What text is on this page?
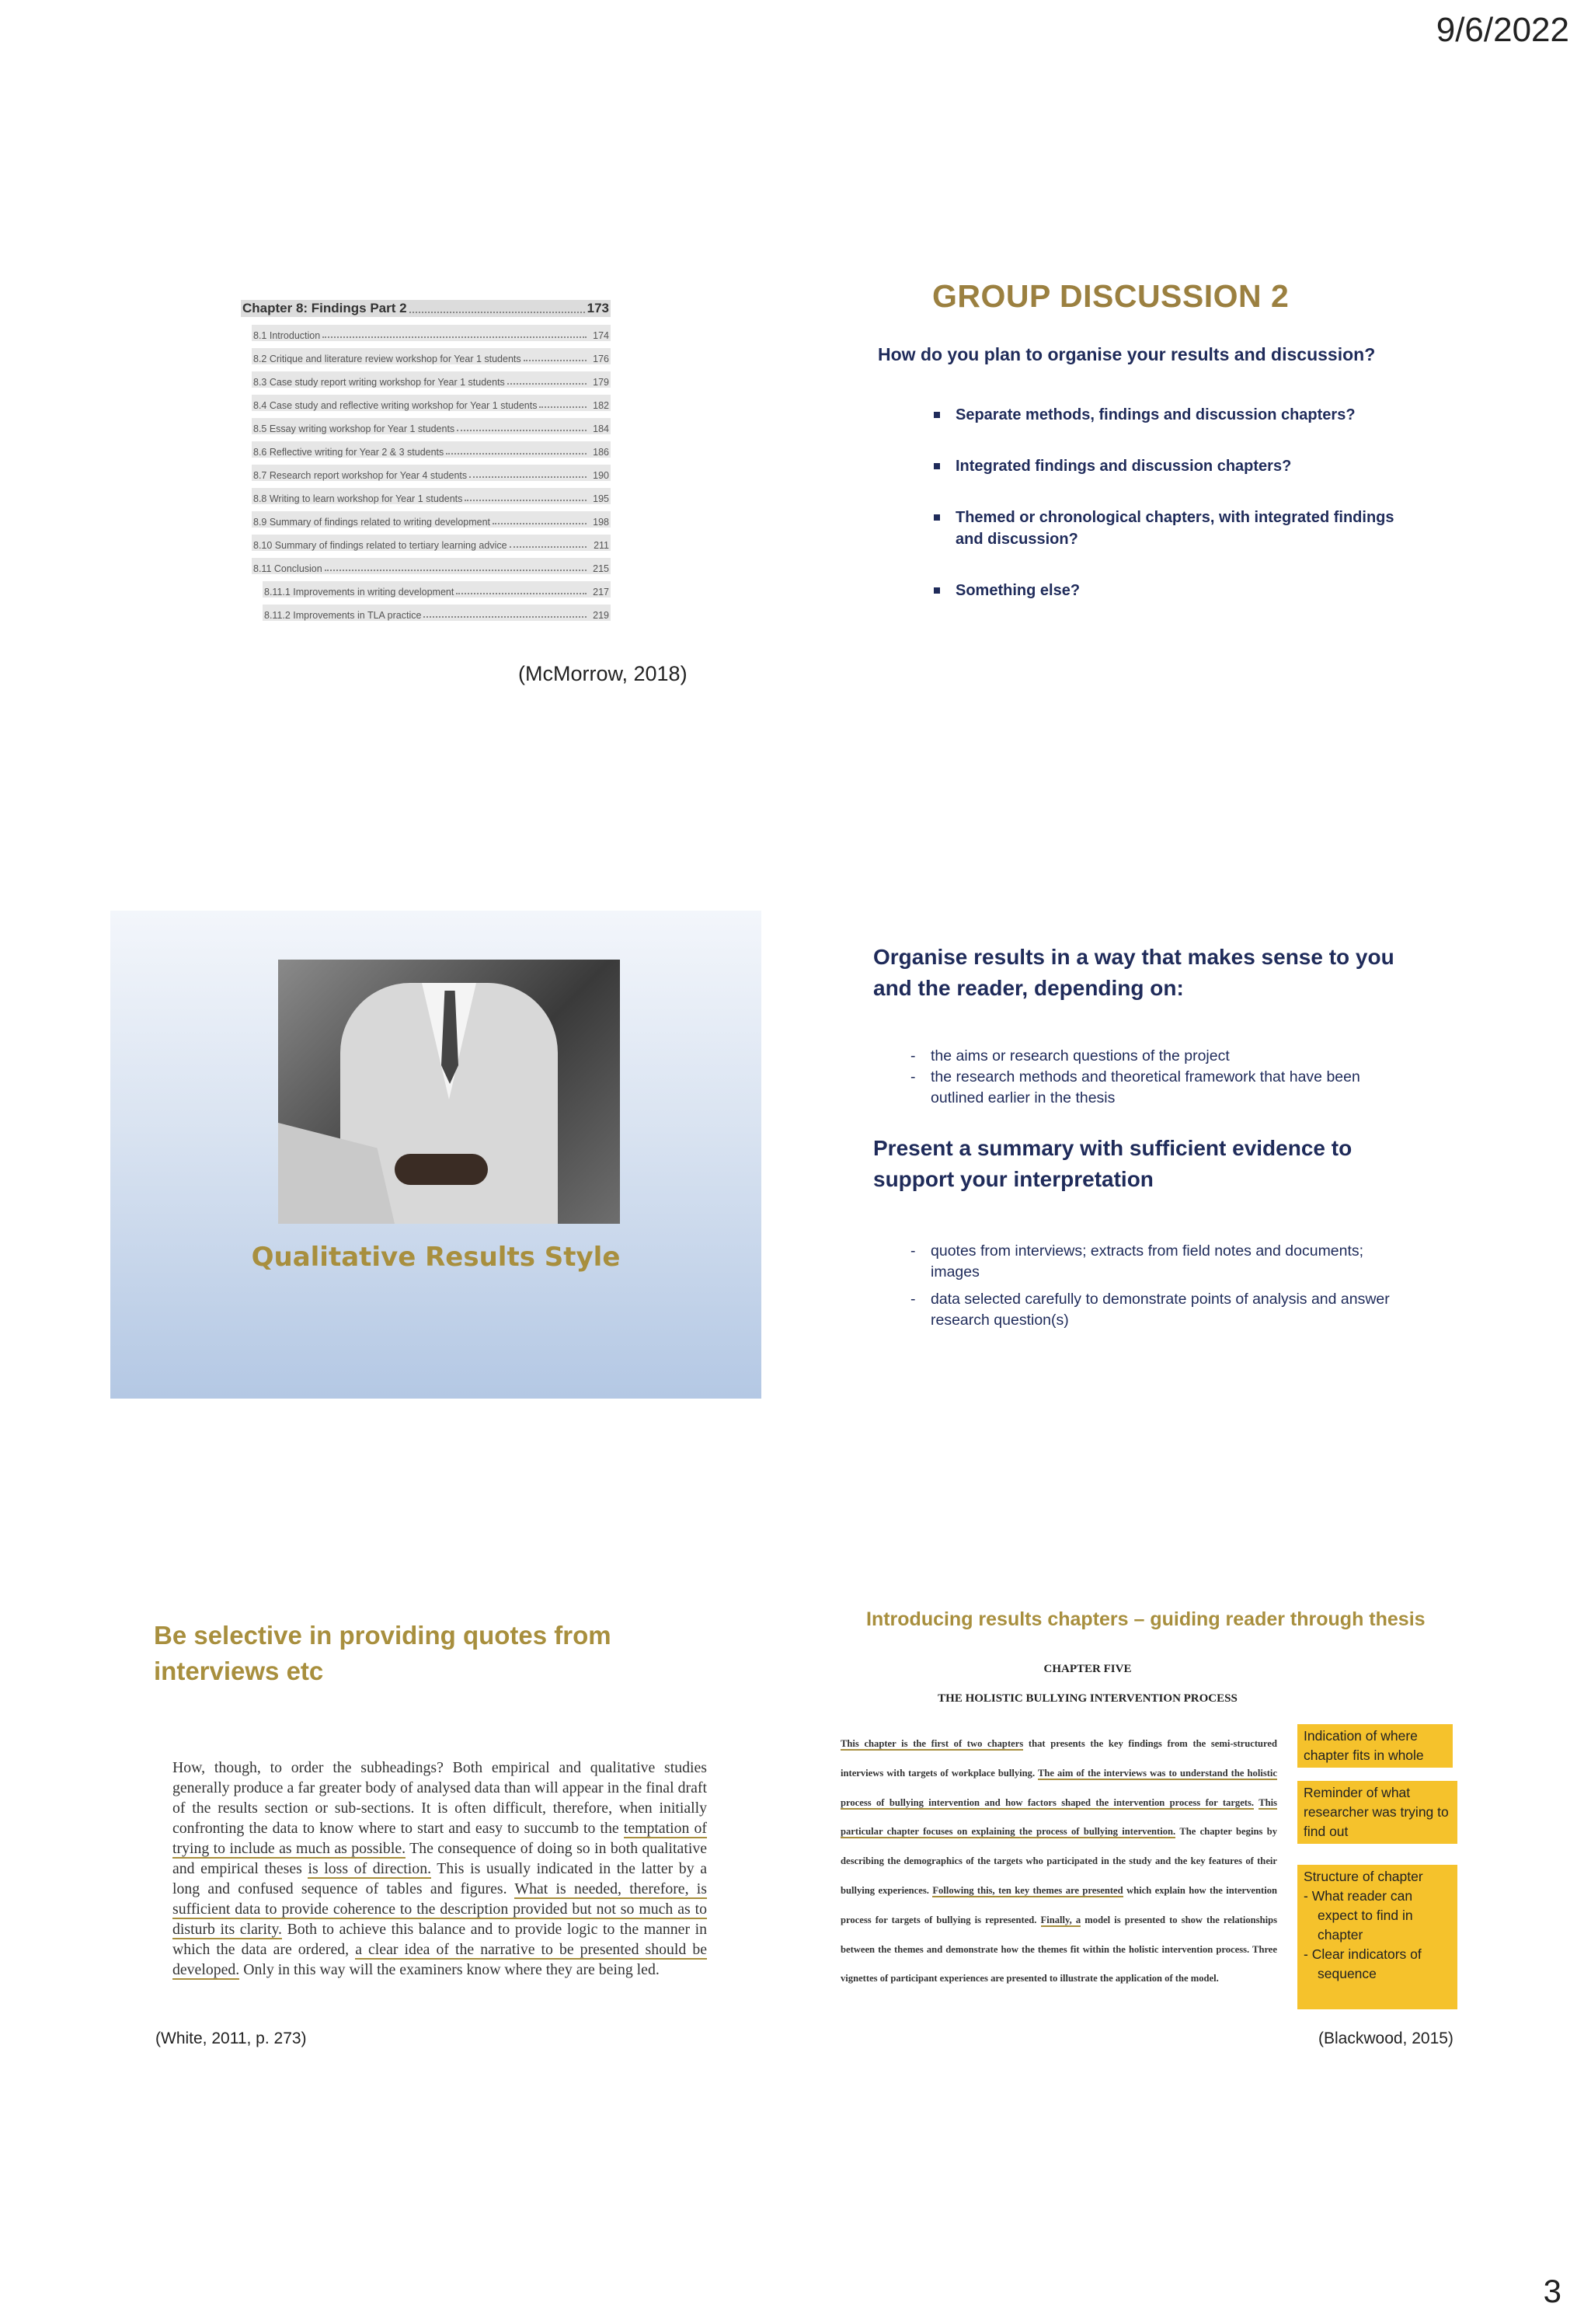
9/6/2022
3
Chapter 8: Findings Part 2	173
8.1 Introduction	174
8.2 Critique and literature review workshop for Year 1 students	176
8.3 Case study report writing workshop for Year 1 students	179
8.4 Case study and reflective writing workshop for Year 1 students	182
8.5 Essay writing workshop for Year 1 students	184
8.6 Reflective writing for Year 2 & 3 students	186
8.7 Research report workshop for Year 4 students	190
8.8 Writing to learn workshop for Year 1 students	195
8.9 Summary of findings related to writing development	198
8.10 Summary of findings related to tertiary learning advice	211
8.11 Conclusion	215
8.11.1 Improvements in writing development	217
8.11.2 Improvements in TLA practice	219
(McMorrow, 2018)
GROUP DISCUSSION 2
How do you plan to organise your results and discussion?
Separate methods, findings and discussion chapters?
Integrated findings and discussion chapters?
Themed or chronological chapters, with integrated findings and discussion?
Something else?
Qualitative Results Style
Organise results in a way that makes sense to you and the reader, depending on:
- the aims or research questions of the project
- the research methods and theoretical framework that have been outlined earlier in the thesis
Present a summary with sufficient evidence to support your interpretation
- quotes from interviews; extracts from field notes and documents; images
- data selected carefully to demonstrate points of analysis and answer research question(s)
Be selective in providing quotes from interviews etc
How, though, to order the subheadings? Both empirical and qualitative studies generally produce a far greater body of analysed data than will appear in the final draft of the results section or sub-sections. It is often difficult, therefore, when initially confronting the data to know where to start and easy to succumb to the temptation of trying to include as much as possible. The consequence of doing so in both qualitative and empirical theses is loss of direction. This is usually indicated in the latter by a long and confused sequence of tables and figures. What is needed, therefore, is sufficient data to provide coherence to the description provided but not so much as to disturb its clarity. Both to achieve this balance and to provide logic to the manner in which the data are ordered, a clear idea of the narrative to be presented should be developed. Only in this way will the examiners know where they are being led.
(White, 2011, p. 273)
Introducing results chapters – guiding reader through thesis
CHAPTER FIVE
THE HOLISTIC BULLYING INTERVENTION PROCESS
This chapter is the first of two chapters that presents the key findings from the semi-structured interviews with targets of workplace bullying. The aim of the interviews was to understand the holistic process of bullying intervention and how factors shaped the intervention process for targets. This particular chapter focuses on explaining the process of bullying intervention. The chapter begins by describing the demographics of the targets who participated in the study and the key features of their bullying experiences. Following this, ten key themes are presented which explain how the intervention process for targets of bullying is represented. Finally, a model is presented to show the relationships between the themes and demonstrate how the themes fit within the holistic intervention process. Three vignettes of participant experiences are presented to illustrate the application of the model.
Indication of where chapter fits in whole
Reminder of what researcher was trying to find out
Structure of chapter
- What reader can expect to find in chapter
- Clear indicators of sequence
(Blackwood, 2015)
